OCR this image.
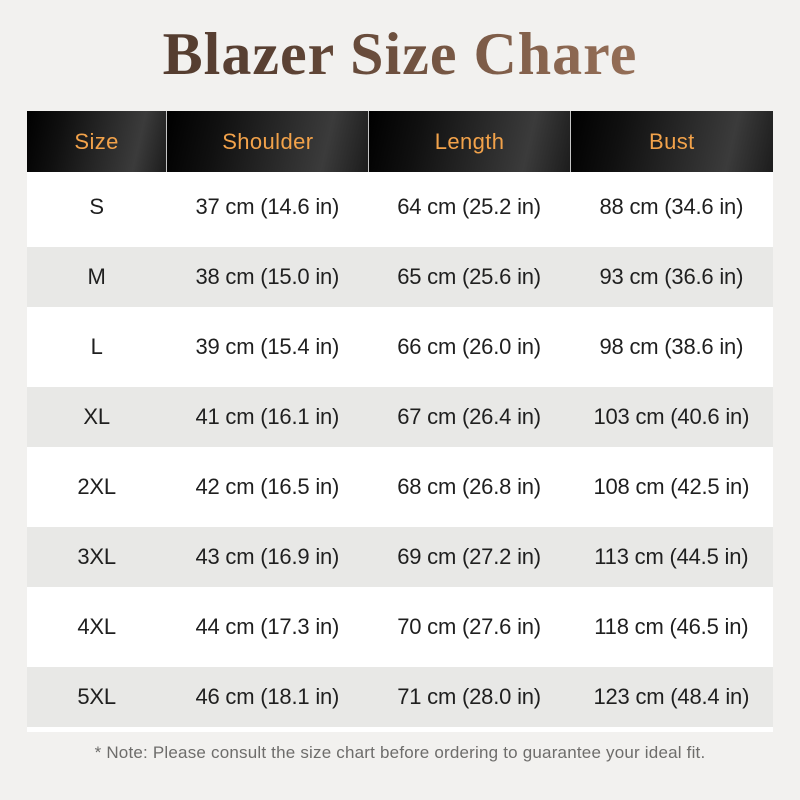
Blazer Size Chare
Size	Shoulder	Length	Bust
S	37 cm (14.6 in)	64 cm (25.2 in)	88 cm (34.6 in)
M	38 cm (15.0 in)	65 cm (25.6 in)	93 cm (36.6 in)
L	39 cm (15.4 in)	66 cm (26.0 in)	98 cm (38.6 in)
XL	41 cm (16.1 in)	67 cm (26.4 in)	103 cm (40.6 in)
2XL	42 cm (16.5 in)	68 cm (26.8 in)	108 cm (42.5 in)
3XL	43 cm (16.9 in)	69 cm (27.2 in)	113 cm (44.5 in)
4XL	44 cm (17.3 in)	70 cm (27.6 in)	118 cm (46.5 in)
5XL	46 cm (18.1 in)	71 cm (28.0 in)	123 cm (48.4 in)

* Note: Please consult the size chart before ordering to guarantee your ideal fit.
